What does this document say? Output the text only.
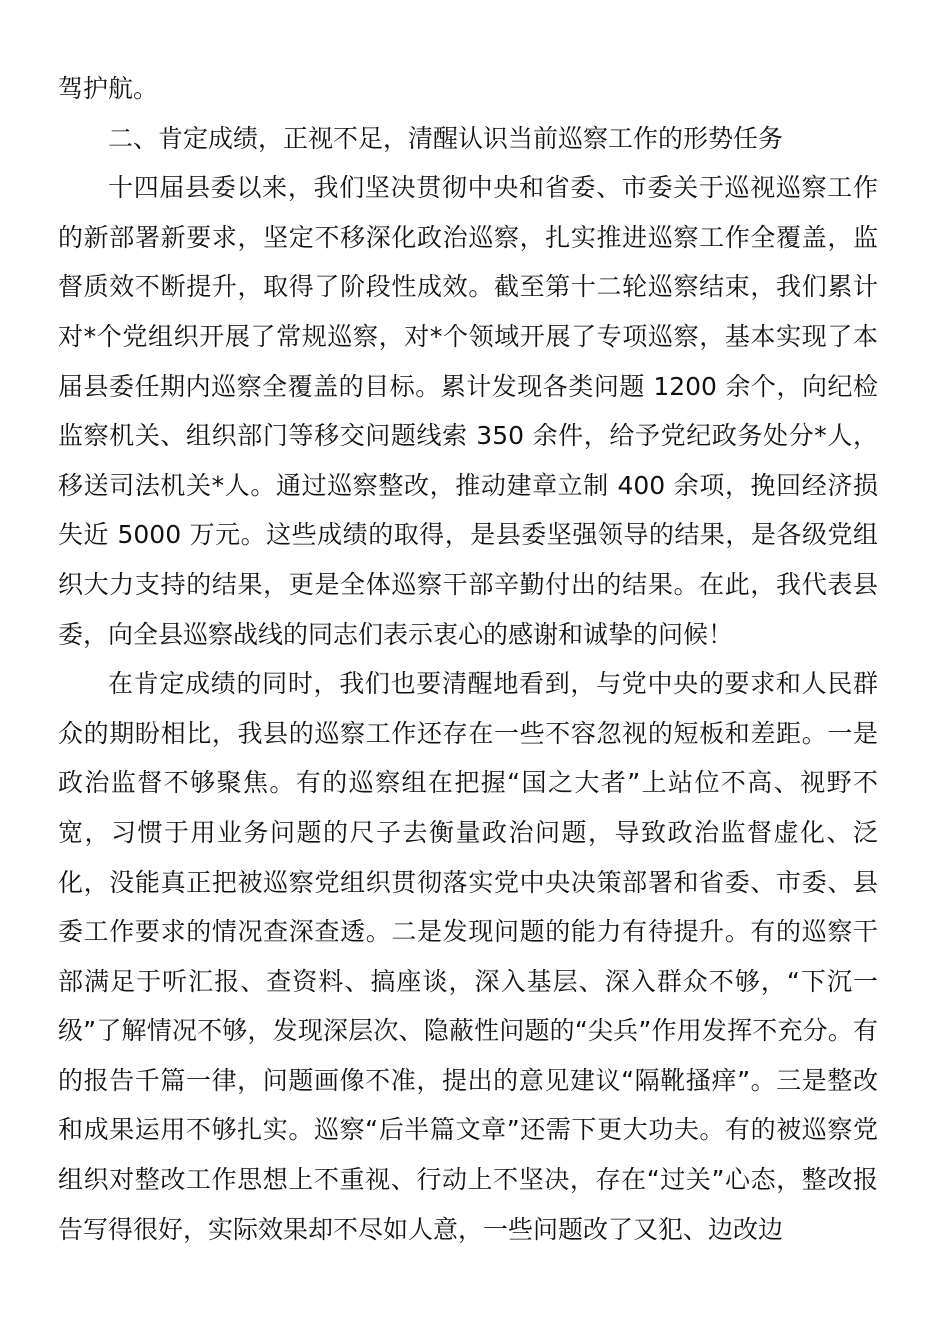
驾护航。

二、肯定成绩，正视不足，清醒认识当前巡察工作的形势任务

十四届县委以来，我们坚决贯彻中央和省委、市委关于巡视巡察工作的新部署新要求，坚定不移深化政治巡察，扎实推进巡察工作全覆盖，监督质效不断提升，取得了阶段性成效。截至第十二轮巡察结束，我们累计对*个党组织开展了常规巡察，对*个领域开展了专项巡察，基本实现了本届县委任期内巡察全覆盖的目标。累计发现各类问题 1200 余个，向纪检监察机关、组织部门等移交问题线索 350 余件，给予党纪政务处分*人，移送司法机关*人。通过巡察整改，推动建章立制 400 余项，挽回经济损失近 5000 万元。这些成绩的取得，是县委坚强领导的结果，是各级党组织大力支持的结果，更是全体巡察干部辛勤付出的结果。在此，我代表县委，向全县巡察战线的同志们表示衷心的感谢和诚挚的问候！

在肯定成绩的同时，我们也要清醒地看到，与党中央的要求和人民群众的期盼相比，我县的巡察工作还存在一些不容忽视的短板和差距。一是政治监督不够聚焦。有的巡察组在把握“国之大者”上站位不高、视野不宽，习惯于用业务问题的尺子去衡量政治问题，导致政治监督虚化、泛化，没能真正把被巡察党组织贯彻落实党中央决策部署和省委、市委、县委工作要求的情况查深查透。二是发现问题的能力有待提升。有的巡察干部满足于听汇报、查资料、搞座谈，深入基层、深入群众不够，“下沉一级”了解情况不够，发现深层次、隐蔽性问题的“尖兵”作用发挥不充分。有的报告千篇一律，问题画像不准，提出的意见建议“隔靴搔痒”。三是整改和成果运用不够扎实。巡察“后半篇文章”还需下更大功夫。有的被巡察党组织对整改工作思想上不重视、行动上不坚决，存在“过关”心态，整改报告写得很好，实际效果却不尽如人意，一些问题改了又犯、边改边
